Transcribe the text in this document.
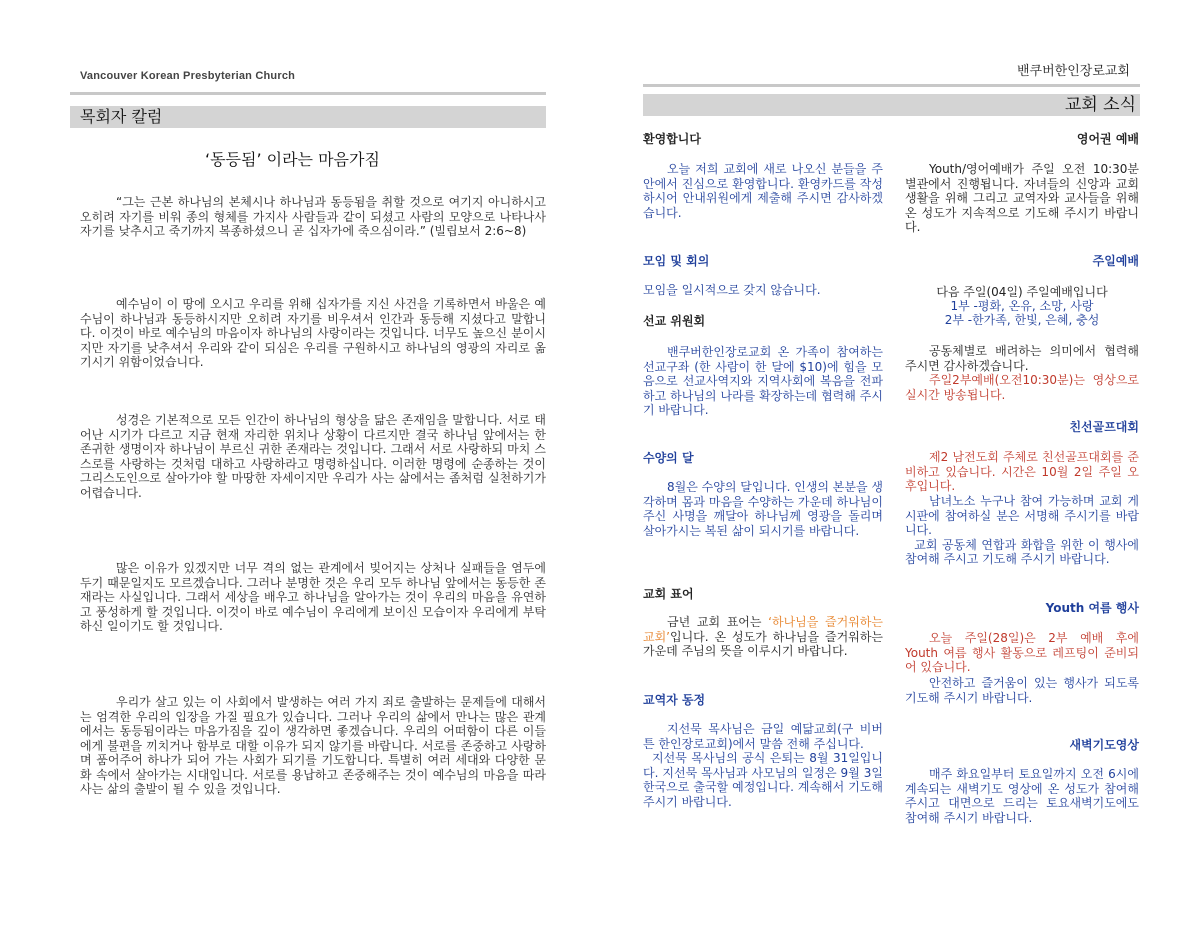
Vancouver Korean Presbyterian Church
목회자 칼럼
‘동등됨’ 이라는 마음가짐

“그는 근본 하나님의 본체시나 하나님과 동등됨을 취할 것으로 여기지 아니하시고 오히려 자기를 비워 종의 형체를 가지사 사람들과 같이 되셨고 사람의 모양으로 나타나사 자기를 낮추시고 죽기까지 복종하셨으니 곧 십자가에 죽으심이라.” (빌립보서 2:6~8)

예수님이 이 땅에 오시고 우리를 위해 십자가를 지신 사건을 기록하면서 바울은 예수님이 하나님과 동등하시지만 오히려 자기를 비우셔서 인간과 동등해 지셨다고 말합니다. 이것이 바로 예수님의 마음이자 하나님의 사랑이라는 것입니다. 너무도 높으신 분이시지만 자기를 낮추셔서 우리와 같이 되심은 우리를 구원하시고 하나님의 영광의 자리로 옮기시기 위함이었습니다.

성경은 기본적으로 모든 인간이 하나님의 형상을 닮은 존재임을 말합니다. 서로 태어난 시기가 다르고 지금 현재 자리한 위치나 상황이 다르지만 결국 하나님 앞에서는 한 존귀한 생명이자 하나님이 부르신 귀한 존재라는 것입니다. 그래서 서로 사랑하되 마치 스스로를 사랑하는 것처럼 대하고 사랑하라고 명령하십니다. 이러한 명령에 순종하는 것이 그리스도인으로 살아가야 할 마땅한 자세이지만 우리가 사는 삶에서는 좀처럼 실천하기가 어렵습니다.

많은 이유가 있겠지만 너무 격의 없는 관계에서 빚어지는 상처나 실패들을 염두에 두기 때문일지도 모르겠습니다. 그러나 분명한 것은 우리 모두 하나님 앞에서는 동등한 존재라는 사실입니다. 그래서 세상을 배우고 하나님을 알아가는 것이 우리의 마음을 유연하고 풍성하게 할 것입니다. 이것이 바로 예수님이 우리에게 보이신 모습이자 우리에게 부탁하신 일이기도 할 것입니다.

우리가 살고 있는 이 사회에서 발생하는 여러 가지 죄로 출발하는 문제들에 대해서는 엄격한 우리의 입장을 가질 필요가 있습니다. 그러나 우리의 삶에서 만나는 많은 관계에서는 동등됨이라는 마음가짐을 깊이 생각하면 좋겠습니다. 우리의 어떠함이 다른 이들에게 불편을 끼치거나 함부로 대할 이유가 되지 않기를 바랍니다. 서로를 존중하고 사랑하며 품어주어 하나가 되어 가는 사회가 되기를 기도합니다. 특별히 여러 세대와 다양한 문화 속에서 살아가는 시대입니다. 서로를 용납하고 존중해주는 것이 예수님의 마음을 따라 사는 삶의 출발이 될 수 있을 것입니다.

밴쿠버한인장로교회
교회 소식
환영합니다

오늘 저희 교회에 새로 나오신 분들을 주 안에서 진심으로 환영합니다. 환영카드를 작성하시어 안내위원에게 제출해 주시면 감사하겠습니다.

모임 및 회의

모임을 일시적으로 갖지 않습니다.

선교 위원회

밴쿠버한인장로교회 온 가족이 참여하는 선교구좌 (한 사람이 한 달에 $10)에 힘을 모음으로 선교사역지와 지역사회에 복음을 전파하고 하나님의 나라를 확장하는데 협력해 주시기 바랍니다.

수양의 달

8월은 수양의 달입니다. 인생의 본분을 생각하며 몸과 마음을 수양하는 가운데 하나님이 주신 사명을 깨달아 하나님께 영광을 돌리며 살아가시는 복된 삶이 되시기를 바랍니다.

교회 표어

금년 교회 표어는 ‘하나님을 즐거워하는 교회’입니다. 온 성도가 하나님을 즐거워하는 가운데 주님의 뜻을 이루시기 바랍니다.

교역자 동정

지선묵 목사님은 금일 예닮교회(구 비버튼 한인장로교회)에서 말씀 전해 주십니다.
지선묵 목사님의 공식 은퇴는 8월 31일입니다. 지선묵 목사님과 사모님의 일정은 9월 3일 한국으로 출국할 예정입니다. 계속해서 기도해 주시기 바랍니다.

영어권 예배

Youth/영어예배가 주일 오전 10:30분 별관에서 진행됩니다. 자녀들의 신앙과 교회생활을 위해 그리고 교역자와 교사들을 위해 온 성도가 지속적으로 기도해 주시기 바랍니다.

주일예배
다음 주일(04일) 주일예배입니다
1부 -평화, 온유, 소망, 사랑
2부 -한가족, 한빛, 은혜, 충성

공동체별로 배려하는 의미에서 협력해 주시면 감사하겠습니다.

주일2부예배(오전10:30분)는 영상으로 실시간 방송됩니다.

친선골프대회

제2 남전도회 주체로 친선골프대회를 준비하고 있습니다. 시간은 10월 2일 주일 오후입니다.

남녀노소 누구나 참여 가능하며 교회 게시판에 참여하실 분은 서명해 주시기를 바랍니다.
교회 공동체 연합과 화합을 위한 이 행사에 참여해 주시고 기도해 주시기 바랍니다.

Youth 여름 행사

오늘 주일(28일)은 2부 예배 후에 Youth 여름 행사 활동으로 레프팅이 준비되어 있습니다.

안전하고 즐거움이 있는 행사가 되도록 기도해 주시기 바랍니다.

새벽기도영상

매주 화요일부터 토요일까지 오전 6시에 계속되는 새벽기도 영상에 온 성도가 참여해 주시고 대면으로 드리는 토요새벽기도에도 참여해 주시기 바랍니다.
